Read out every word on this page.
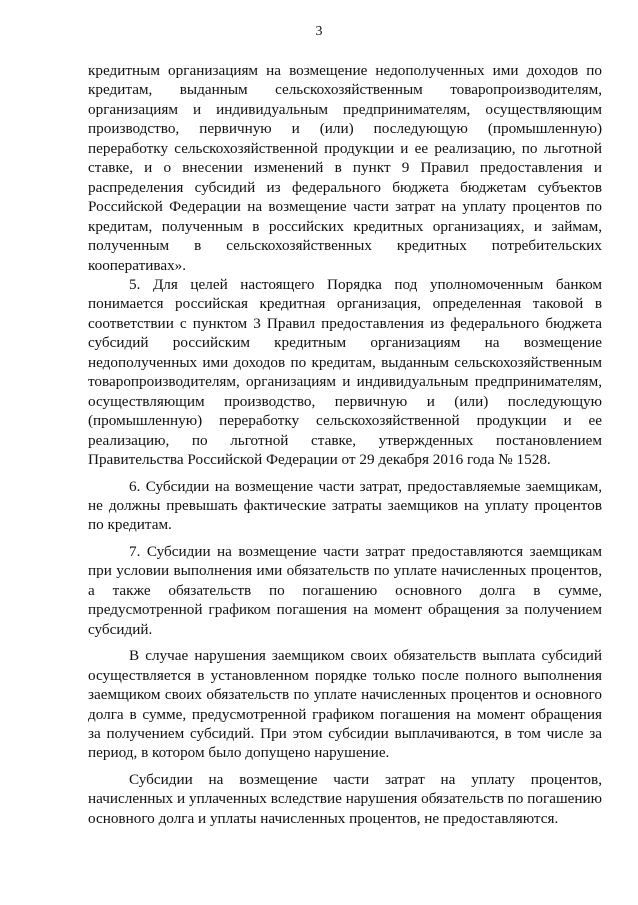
3

кредитным организациям на возмещение недополученных ими доходов по кредитам, выданным сельскохозяйственным товаропроизводителям, организациям и индивидуальным предпринимателям, осуществляющим производство, первичную и (или) последующую (промышленную) переработку сельскохозяйственной продукции и ее реализацию, по льготной ставке, и о внесении изменений в пункт 9 Правил предоставления и распределения субсидий из федерального бюджета бюджетам субъектов Российской Федерации на возмещение части затрат на уплату процентов по кредитам, полученным в российских кредитных организациях, и займам, полученным в сельскохозяйственных кредитных потребительских кооперативах».

5. Для целей настоящего Порядка под уполномоченным банком понимается российская кредитная организация, определенная таковой в соответствии с пунктом 3 Правил предоставления из федерального бюджета субсидий российским кредитным организациям на возмещение недополученных ими доходов по кредитам, выданным сельскохозяйственным товаропроизводителям, организациям и индивидуальным предпринимателям, осуществляющим производство, первичную и (или) последующую (промышленную) переработку сельскохозяйственной продукции и ее реализацию, по льготной ставке, утвержденных постановлением Правительства Российской Федерации от 29 декабря 2016 года № 1528.

6. Субсидии на возмещение части затрат, предоставляемые заемщикам, не должны превышать фактические затраты заемщиков на уплату процентов по кредитам.

7. Субсидии на возмещение части затрат предоставляются заемщикам при условии выполнения ими обязательств по уплате начисленных процентов, а также обязательств по погашению основного долга в сумме, предусмотренной графиком погашения на момент обращения за получением субсидий.

В случае нарушения заемщиком своих обязательств выплата субсидий осуществляется в установленном порядке только после полного выполнения заемщиком своих обязательств по уплате начисленных процентов и основного долга в сумме, предусмотренной графиком погашения на момент обращения за получением субсидий. При этом субсидии выплачиваются, в том числе за период, в котором было допущено нарушение.

Субсидии на возмещение части затрат на уплату процентов, начисленных и уплаченных вследствие нарушения обязательств по погашению основного долга и уплаты начисленных процентов, не предоставляются.
